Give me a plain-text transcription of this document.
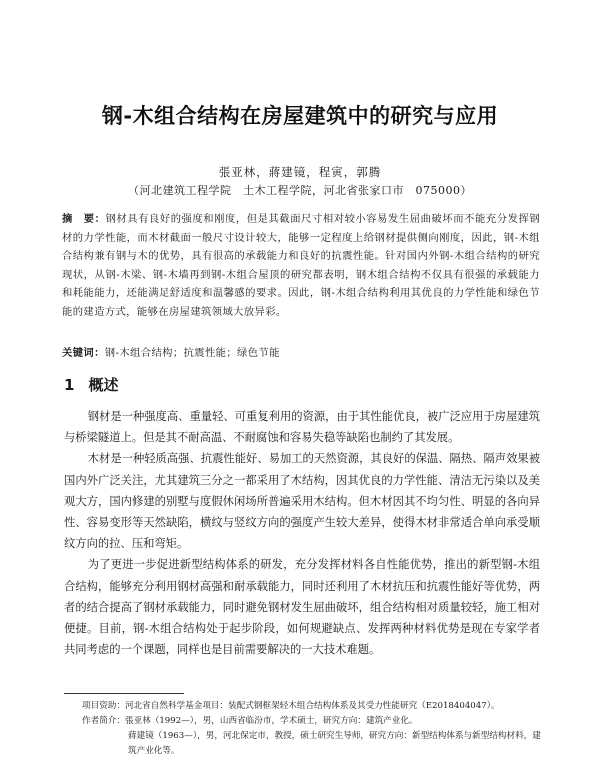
钢-木组合结构在房屋建筑中的研究与应用
張亚林，蔣建镜，程寅，郭腾
（河北建筑工程学院　土木工程学院，河北省张家口市　075000）
摘　要：钢材具有良好的强度和刚度，但是其截面尺寸相对较小容易发生屈曲破坏而不能充分发挥钢材的力学性能，而木材截面一般尺寸设计较大，能够一定程度上给钢材提供侧向刚度，因此，钢-木组合结构兼有钢与木的优势，具有很高的承载能力和良好的抗震性能。针对国内外钢-木组合结构的研究现状，从钢-木梁、钢-木墙再到钢-木组合屋顶的研究都表明，钢木组合结构不仅具有很强的承载能力和耗能能力，还能满足舒适度和温馨感的要求。因此，钢-木组合结构利用其优良的力学性能和绿色节能的建造方式，能够在房屋建筑领域大放异彩。
关键词：钢-木组合结构；抗震性能；绿色节能
1 概述

钢材是一种强度高、重量轻、可重复利用的资源，由于其性能优良，被广泛应用于房屋建筑与桥梁隧道上。但是其不耐高温、不耐腐蚀和容易失稳等缺陷也制约了其发展。

木材是一种轻质高强、抗震性能好、易加工的天然资源，其良好的保温、隔热、隔声效果被国内外广泛关注，尤其建筑三分之一都采用了木结构，因其优良的力学性能、清洁无污染以及美观大方，国内修建的别墅与度假休闲场所普遍采用木结构。但木材因其不均匀性、明显的各向异性、容易变形等天然缺陷，横纹与竖纹方向的强度产生较大差异，使得木材非常适合单向承受顺纹方向的拉、压和弯矩。

为了更进一步促进新型结构体系的研发，充分发挥材料各自性能优势，推出的新型钢-木组合结构，能够充分利用钢材高强和耐承载能力，同时还利用了木材抗压和抗震性能好等优势，两者的结合提高了钢材承载能力，同时避免钢材发生屈曲破坏，组合结构相对质量较轻，施工相对便捷。目前，钢-木组合结构处于起步阶段，如何规避缺点、发挥两种材料优势是现在专家学者共同考虑的一个课题，同样也是目前需要解决的一大技术难题。

项目资助：河北省自然科学基金项目：装配式钢框架轻木组合结构体系及其受力性能研究（E2018404047）。
作者简介：張亚林（1992—），男，山西省临汾市，学术硕士，研究方向：建筑产业化。
蔣建镜（1963—），男，河北保定市，教授，硕士研究生导师，研究方向：新型结构体系与新型结构材料，建筑产业化等。
